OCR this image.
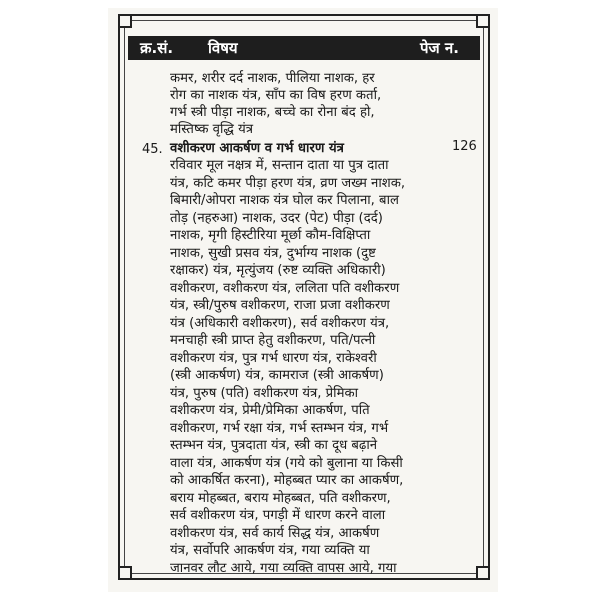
क्र.सं. विषय	पेज न.
कमर, शरीर दर्द नाशक, पीलिया नाशक, हर
रोग का नाशक यंत्र, साँप का विष हरण कर्ता,
गर्भ स्त्री पीड़ा नाशक, बच्चे का रोना बंद हो,
मस्तिष्क वृद्धि यंत्र
45. वशीकरण आकर्षण व गर्भ धारण यंत्र	126
रविवार मूल नक्षत्र में, सन्तान दाता या पुत्र दाता
यंत्र, कटि कमर पीड़ा हरण यंत्र, व्रण जख्म नाशक,
बिमारी/ओपरा नाशक यंत्र घोल कर पिलाना, बाल
तोड़ (नहरुआ) नाशक, उदर (पेट) पीड़ा (दर्द)
नाशक, मृगी हिस्टीरिया मूर्छा कौम-विक्षिप्ता
नाशक, सुखी प्रसव यंत्र, दुर्भाग्य नाशक (दुष्ट
रक्षाकर) यंत्र, मृत्युंजय (रुष्ट व्यक्ति अधिकारी)
वशीकरण, वशीकरण यंत्र, ललिता पति वशीकरण
यंत्र, स्त्री/पुरुष वशीकरण, राजा प्रजा वशीकरण
यंत्र (अधिकारी वशीकरण), सर्व वशीकरण यंत्र,
मनचाही स्त्री प्राप्त हेतु वशीकरण, पति/पत्नी
वशीकरण यंत्र, पुत्र गर्भ धारण यंत्र, राकेश्वरी
(स्त्री आकर्षण) यंत्र, कामराज (स्त्री आकर्षण)
यंत्र, पुरुष (पति) वशीकरण यंत्र, प्रेमिका
वशीकरण यंत्र, प्रेमी/प्रेमिका आकर्षण, पति
वशीकरण, गर्भ रक्षा यंत्र, गर्भ स्तम्भन यंत्र, गर्भ
स्तम्भन यंत्र, पुत्रदाता यंत्र, स्त्री का दूध बढ़ाने
वाला यंत्र, आकर्षण यंत्र (गये को बुलाना या किसी
को आकर्षित करना), मोहब्बत प्यार का आकर्षण,
बराय मोहब्बत, बराय मोहब्बत, पति वशीकरण,
सर्व वशीकरण यंत्र, पगड़ी में धारण करने वाला
वशीकरण यंत्र, सर्व कार्य सिद्ध यंत्र, आकर्षण
यंत्र, सर्वोपरि आकर्षण यंत्र, गया व्यक्ति या
जानवर लौट आये, गया व्यक्ति वापस आये, गया
